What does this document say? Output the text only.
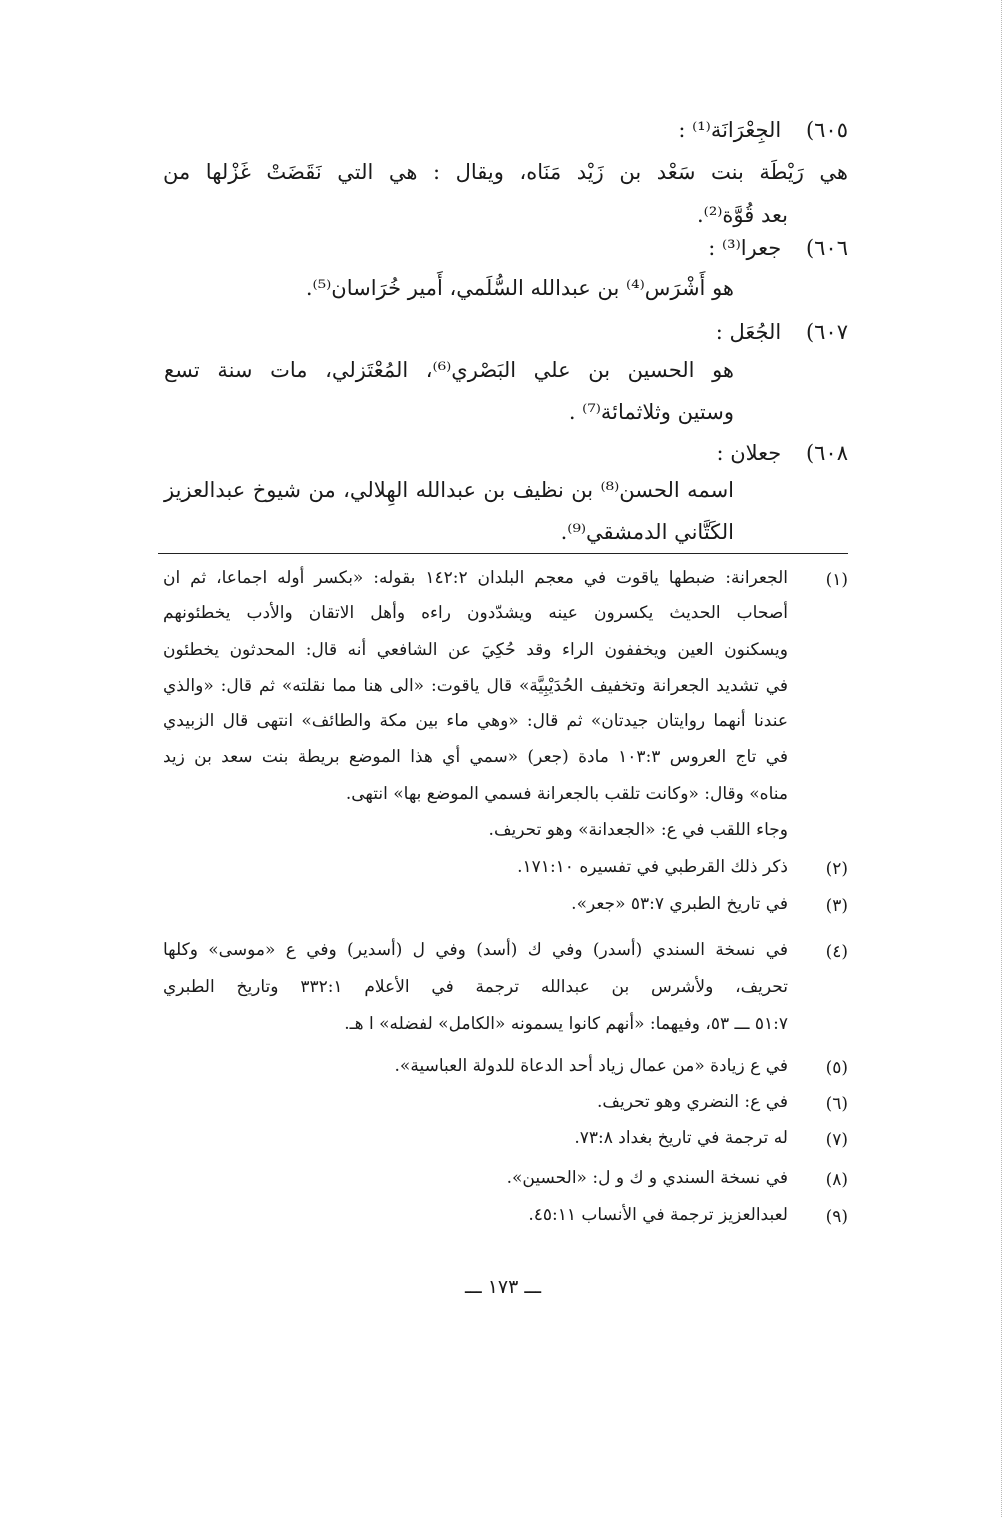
٦٠٥) الجِعْرَانَة⁽¹⁾ :
هي رَيْطَة بنت سَعْد بن زَيْد مَنَاه، ويقال : هي التي نَقَضَتْ غَزْلها من
بعد قُوَّة⁽²⁾.
٦٠٦) جعرا⁽³⁾ :
هو أَشْرَس⁽⁴⁾ بن عبدالله السُّلَمي، أَمير خُرَاسان⁽⁵⁾.
٦٠٧) الجُعَل :
هو الحسين بن علي البَصْري⁽⁶⁾، المُعْتَزلي، مات سنة تسع
وستين وثلاثمائة⁽⁷⁾ .
٦٠٨) جعلان :
اسمه الحسن⁽⁸⁾ بن نظيف بن عبدالله الهِلالي، من شيوخ عبدالعزيز
الكَتَّاني الدمشقي⁽⁹⁾.
(١)
الجعرانة: ضبطها ياقوت في معجم البلدان ١٤٢:٢ بقوله: «بكسر أوله اجماعا، ثم ان
أصحاب الحديث يكسرون عينه ويشدّدون راءه وأهل الاتقان والأدب يخطئونهم
ويسكنون العين ويخففون الراء وقد حُكِيَ عن الشافعي أنه قال: المحدثون يخطئون
في تشديد الجعرانة وتخفيف الحُدَيْبِيَّة» قال ياقوت: «الى هنا مما نقلته» ثم قال: «والذي
عندنا أنهما روايتان جيدتان» ثم قال: «وهي ماء بين مكة والطائف» انتهى قال الزبيدي
في تاج العروس ١٠٣:٣ مادة (جعر) «سمي أي هذا الموضع بريطة بنت سعد بن زيد
مناه» وقال: «وكانت تلقب بالجعرانة فسمي الموضع بها» انتهى.
وجاء اللقب في ع: «الجعدانة» وهو تحريف.
(٢)
ذكر ذلك القرطبي في تفسيره ١٧١:١٠.
(٣)
في تاريخ الطبري ٥٣:٧ «جعر».
(٤)
في نسخة السندي (أسدر) وفي ك (أسد) وفي ل (أسدير) وفي ع «موسى» وكلها
تحريف، ولأشرس بن عبدالله ترجمة في الأعلام ٣٣٢:١ وتاريخ الطبري
٥١:٧ ـــ ٥٣، وفيهما: «أنهم كانوا يسمونه «الكامل» لفضله» ا هـ.
(٥)
في ع زيادة «من عمال زياد أحد الدعاة للدولة العباسية».
(٦)
في ع: النضري وهو تحريف.
(٧)
له ترجمة في تاريخ بغداد ٧٣:٨.
(٨)
في نسخة السندي و ك و ل: «الحسين».
(٩)
لعبدالعزيز ترجمة في الأنساب ٤٥:١١.
ـــ ١٧٣ ـــ
